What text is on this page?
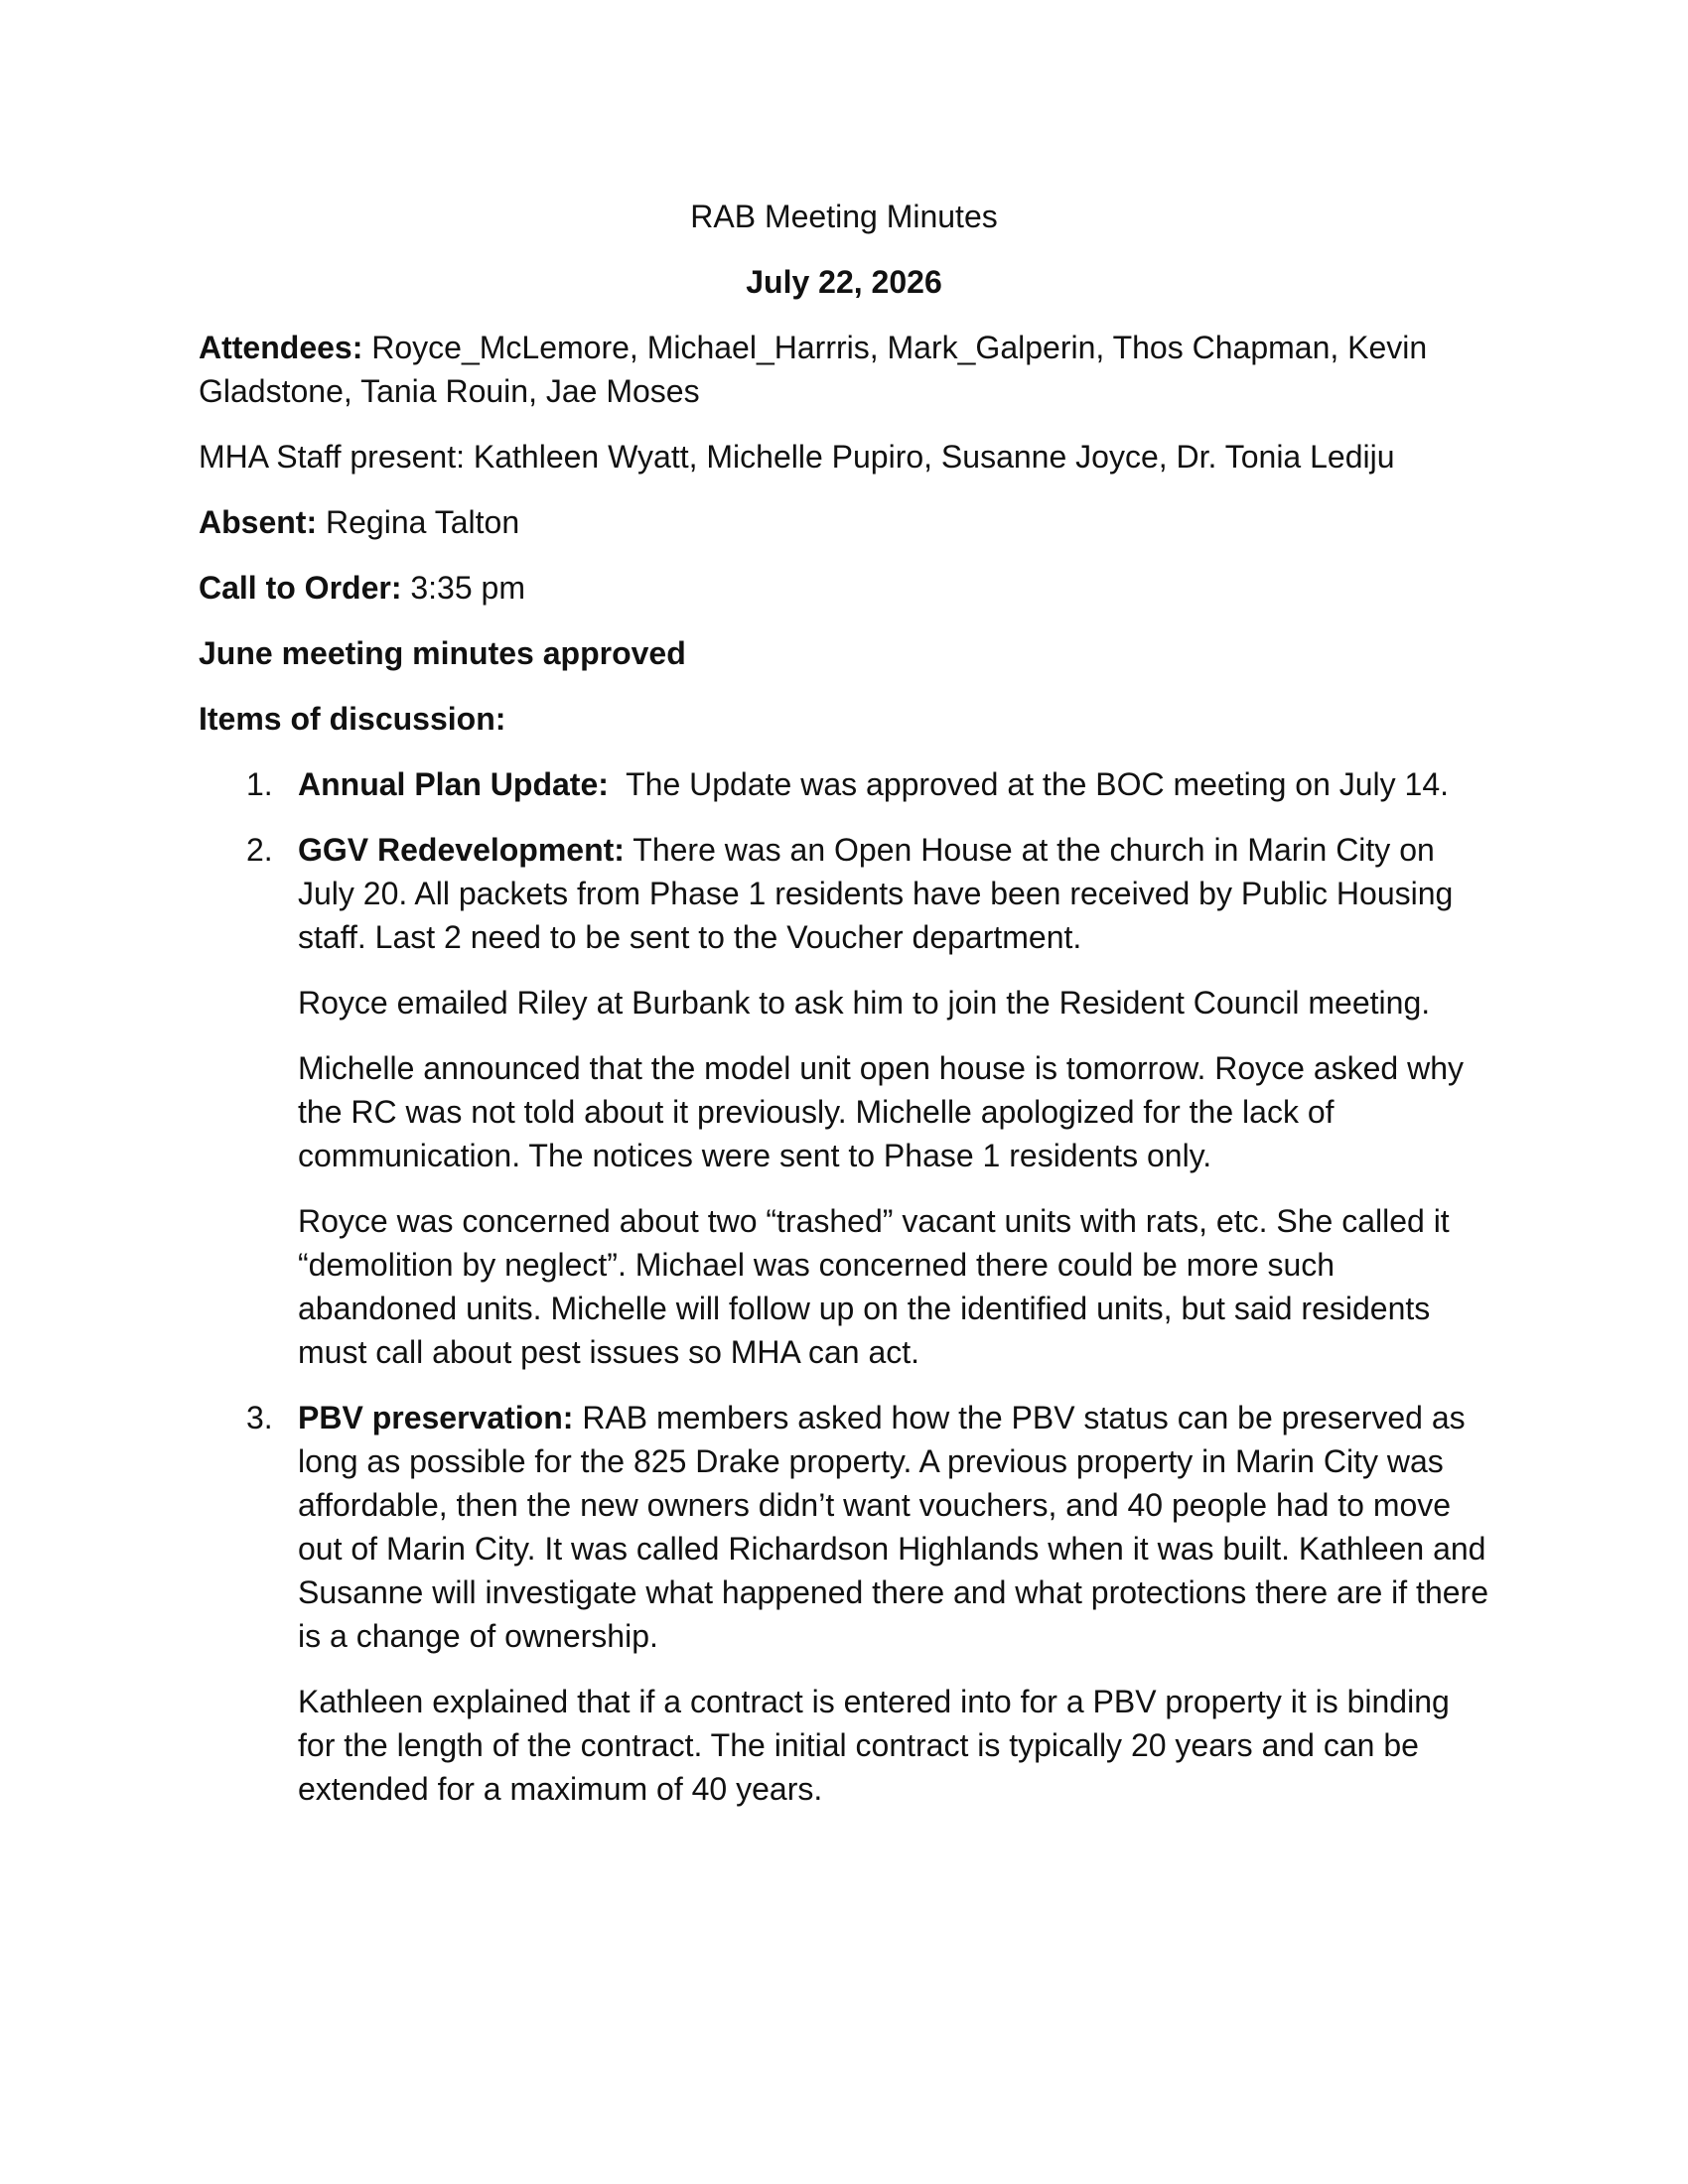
RAB Meeting Minutes

July 22, 2026

Attendees: Royce_McLemore, Michael_Harrris, Mark_Galperin, Thos Chapman, Kevin Gladstone, Tania Rouin, Jae Moses

MHA Staff present: Kathleen Wyatt, Michelle Pupiro, Susanne Joyce, Dr. Tonia Lediju

Absent: Regina Talton

Call to Order: 3:35 pm

June meeting minutes approved

Items of discussion:

1. Annual Plan Update:  The Update was approved at the BOC meeting on July 14.

2. GGV Redevelopment: There was an Open House at the church in Marin City on July 20. All packets from Phase 1 residents have been received by Public Housing staff. Last 2 need to be sent to the Voucher department.

Royce emailed Riley at Burbank to ask him to join the Resident Council meeting.

Michelle announced that the model unit open house is tomorrow. Royce asked why the RC was not told about it previously. Michelle apologized for the lack of communication. The notices were sent to Phase 1 residents only.

Royce was concerned about two “trashed” vacant units with rats, etc. She called it “demolition by neglect”. Michael was concerned there could be more such abandoned units. Michelle will follow up on the identified units, but said residents must call about pest issues so MHA can act.

3. PBV preservation: RAB members asked how the PBV status can be preserved as long as possible for the 825 Drake property. A previous property in Marin City was affordable, then the new owners didn’t want vouchers, and 40 people had to move out of Marin City. It was called Richardson Highlands when it was built. Kathleen and Susanne will investigate what happened there and what protections there are if there is a change of ownership.

Kathleen explained that if a contract is entered into for a PBV property it is binding for the length of the contract. The initial contract is typically 20 years and can be extended for a maximum of 40 years.
